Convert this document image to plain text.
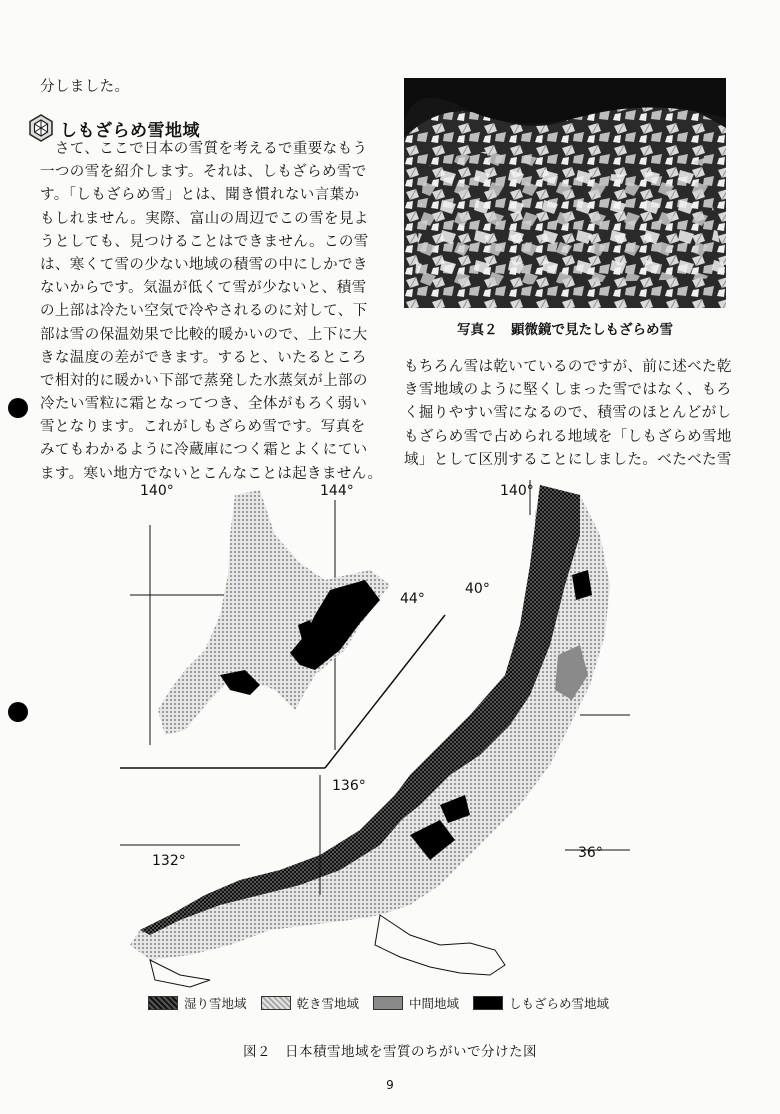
分しました。
しもざらめ雪地域
　さて、ここで日本の雪質を考えるで重要なもう
一つの雪を紹介します。それは、しもざらめ雪で
す。「しもざらめ雪」とは、聞き慣れない言葉か
もしれません。実際、富山の周辺でこの雪を見よ
うとしても、見つけることはできません。この雪
は、寒くて雪の少ない地域の積雪の中にしかでき
ないからです。気温が低くて雪が少ないと、積雪
の上部は冷たい空気で冷やされるのに対して、下
部は雪の保温効果で比較的暖かいので、上下に大
きな温度の差ができます。すると、いたるところ
で相対的に暖かい下部で蒸発した水蒸気が上部の
冷たい雪粒に霜となってつき、全体がもろく弱い
雪となります。これがしもざらめ雪です。写真を
みてもわかるように冷蔵庫につく霜とよくにてい
ます。寒い地方でないとこんなことは起きません。
写真２　顕微鏡で見たしもざらめ雪
もちろん雪は乾いているのですが、前に述べた乾
き雪地域のように堅くしまった雪ではなく、もろ
く掘りやすい雪になるので、積雪のほとんどがし
もざらめ雪で占められる地域を「しもざらめ雪地
域」として区別することにしました。べたべた雪
140°	144°
44°
140°
40°
136°
132°	36°
湿り雪地域	乾き雪地域	中間地域	しもざらめ雪地域
図２　日本積雪地域を雪質のちがいで分けた図
9
